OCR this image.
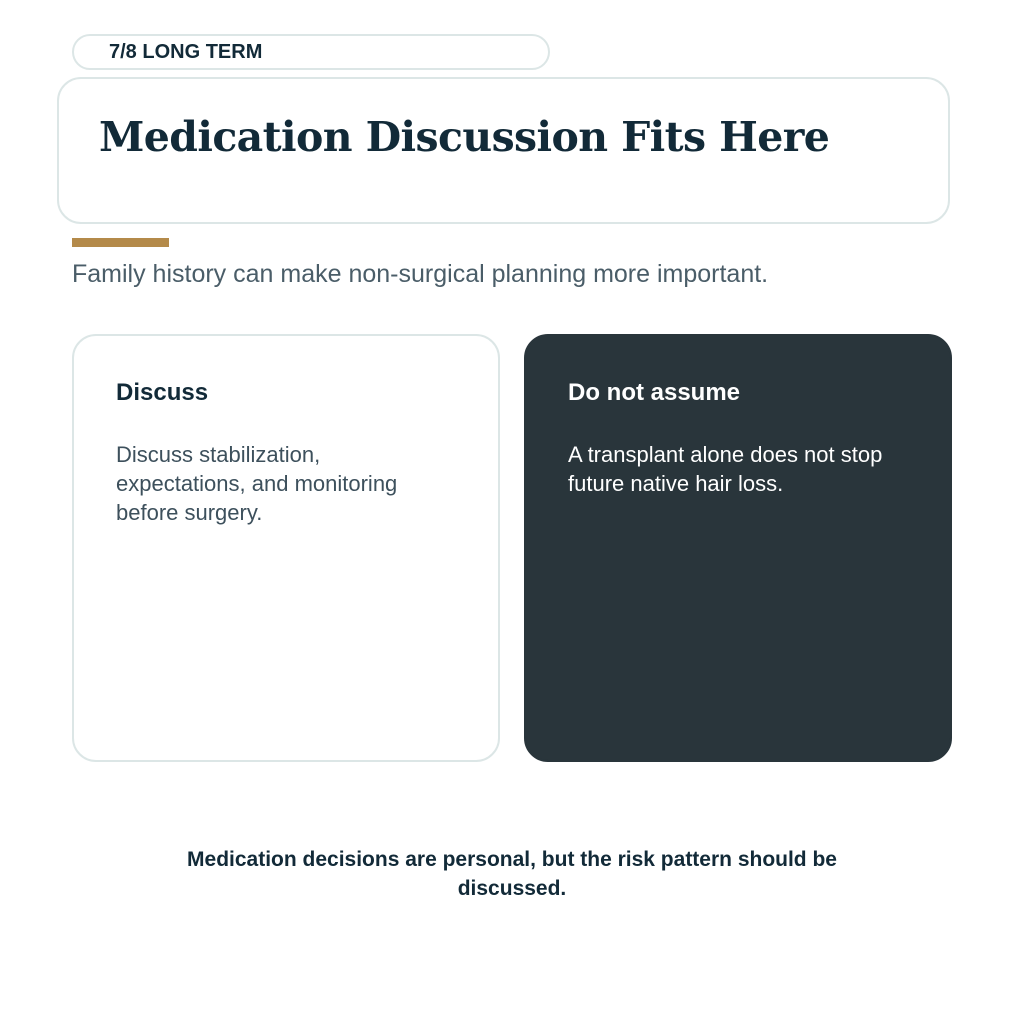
7/8 LONG TERM
Medication Discussion Fits Here

Family history can make non-surgical planning more important.

Discuss

Discuss stabilization, expectations, and monitoring before surgery.

Do not assume

A transplant alone does not stop future native hair loss.

Medication decisions are personal, but the risk pattern should be discussed.
